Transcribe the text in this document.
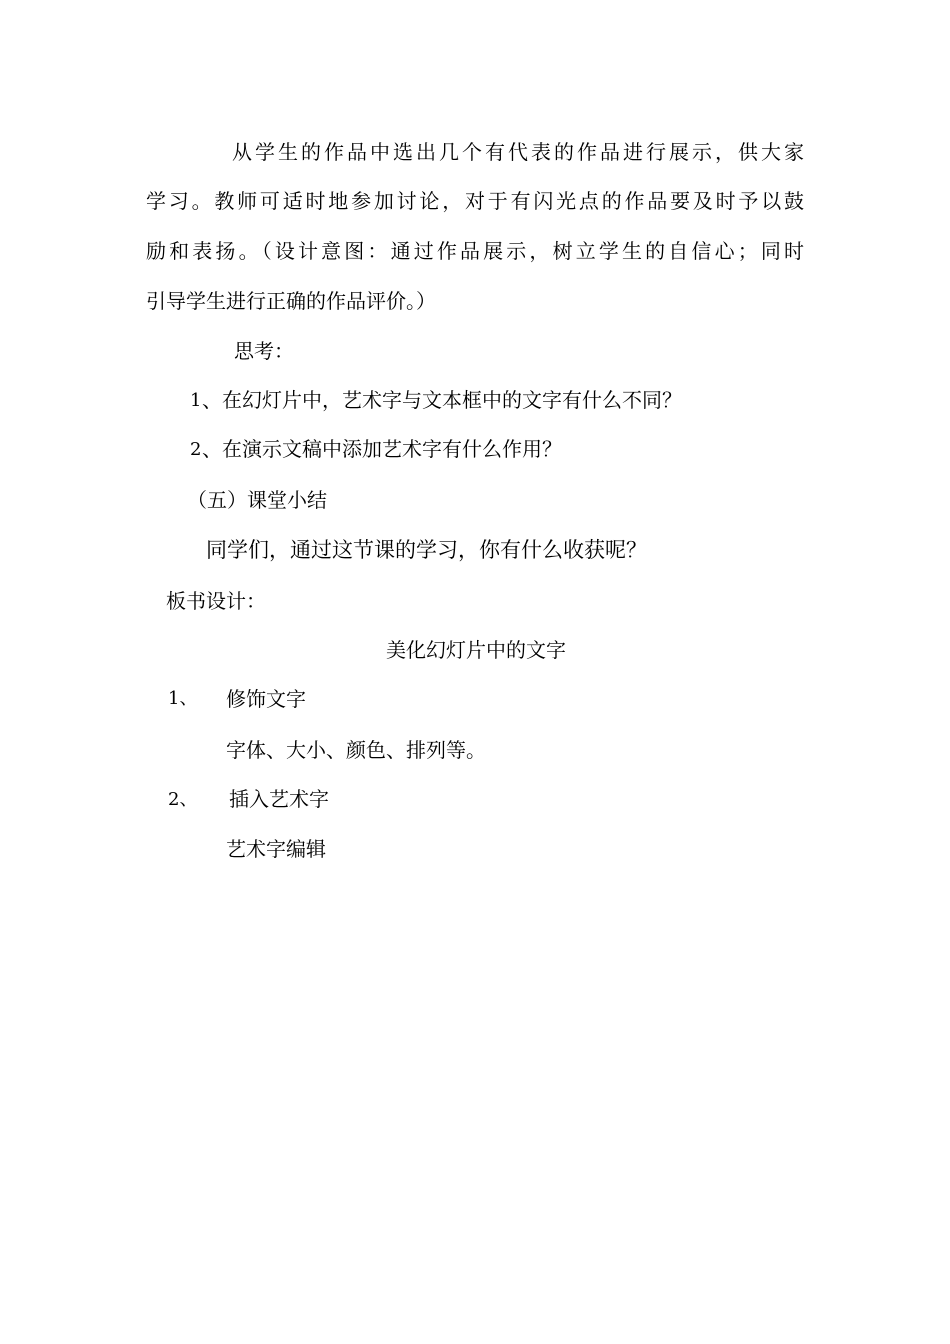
从学生的作品中选出几个有代表的作品进行展示，供大家
学习。教师可适时地参加讨论，对于有闪光点的作品要及时予以鼓
励和表扬。（设计意图：通过作品展示，树立学生的自信心；同时
引导学生进行正确的作品评价。）
思考：
1 、在幻灯片中，艺术字与文本框中的文字有什么不同？
2 、在演示文稿中添加艺术字有什么作用？
（五）课堂小结
同学们，通过这节课的学习，你有什么收获呢？
板书设计：
美化幻灯片中的文字
1、 修饰文字
字体、大小、颜色、排列等。
2、 插入艺术字
艺术字编辑
